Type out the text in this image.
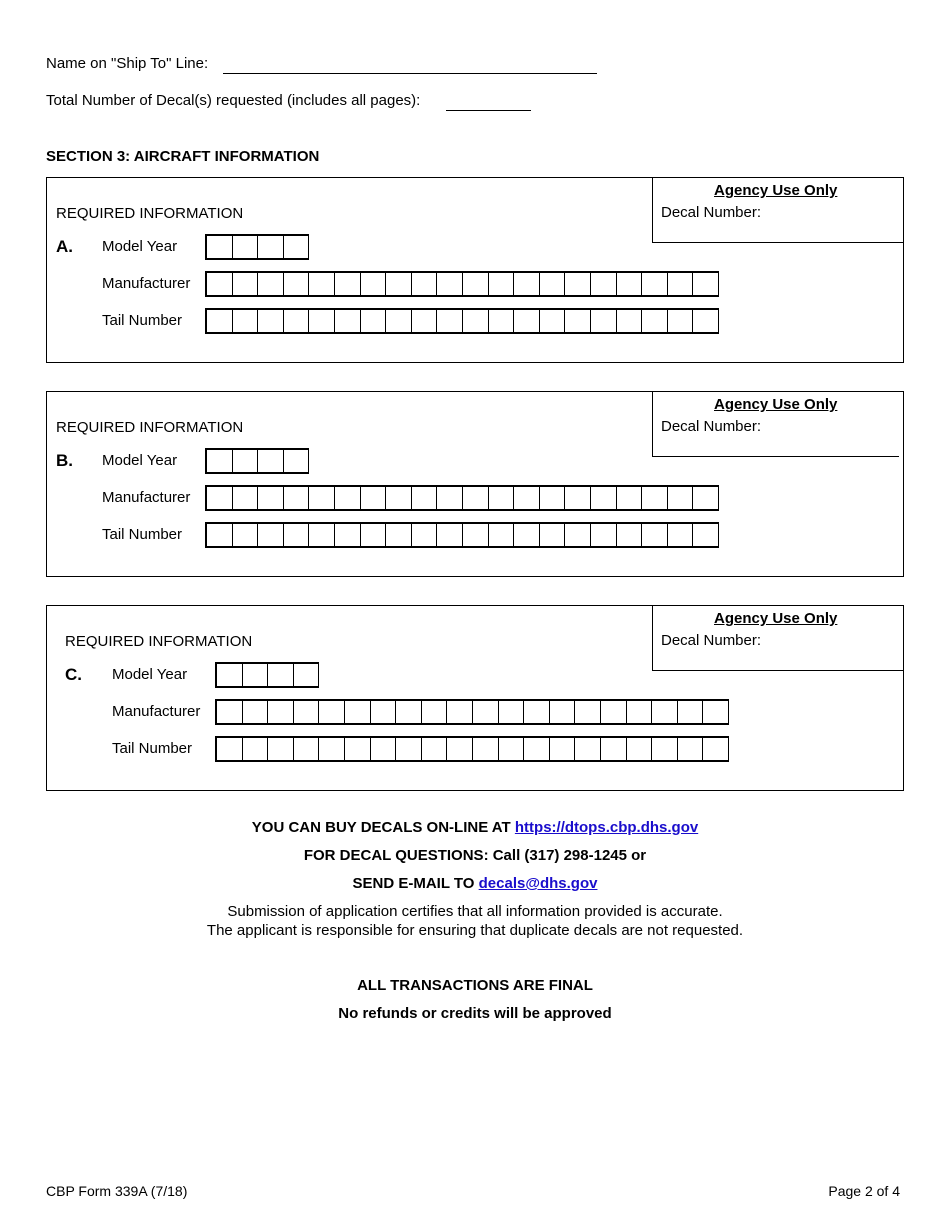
Name on "Ship To" Line:
Total Number of Decal(s) requested (includes all pages):
SECTION 3: AIRCRAFT INFORMATION
Agency Use Only
Decal Number:
REQUIRED INFORMATION
A. Model Year
Manufacturer
Tail Number
Agency Use Only
Decal Number:
REQUIRED INFORMATION
B. Model Year
Manufacturer
Tail Number
Agency Use Only
Decal Number:
REQUIRED INFORMATION
C. Model Year
Manufacturer
Tail Number
YOU CAN BUY DECALS ON-LINE AT https://dtops.cbp.dhs.gov
FOR DECAL QUESTIONS: Call (317) 298-1245 or
SEND E-MAIL TO decals@dhs.gov
Submission of application certifies that all information provided is accurate.
The applicant is responsible for ensuring that duplicate decals are not requested.
ALL TRANSACTIONS ARE FINAL
No refunds or credits will be approved
CBP Form 339A (7/18)	Page 2 of 4
